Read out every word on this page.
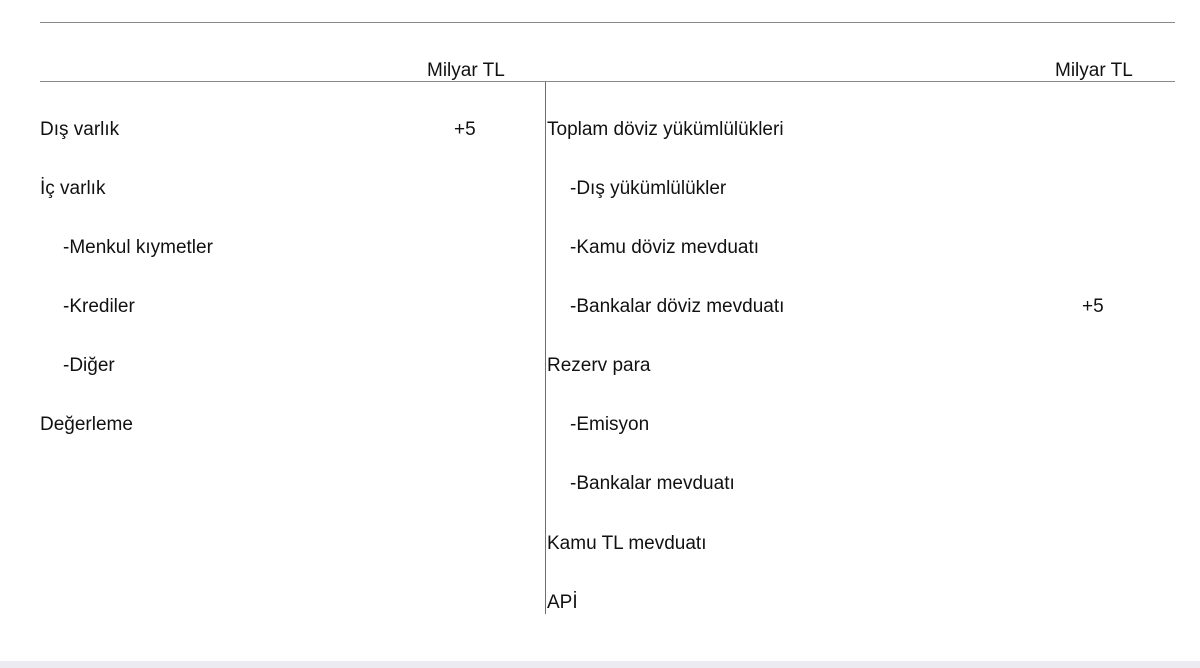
Milyar TL	Milyar TL
Dış varlık	+5
İç varlık
-Menkul kıymetler
-Krediler
-Diğer
Değerleme
Toplam döviz yükümlülükleri
-Dış yükümlülükler
-Kamu döviz mevduatı
-Bankalar döviz mevduatı	+5
Rezerv para
-Emisyon
-Bankalar mevduatı
Kamu TL mevduatı
APİ
